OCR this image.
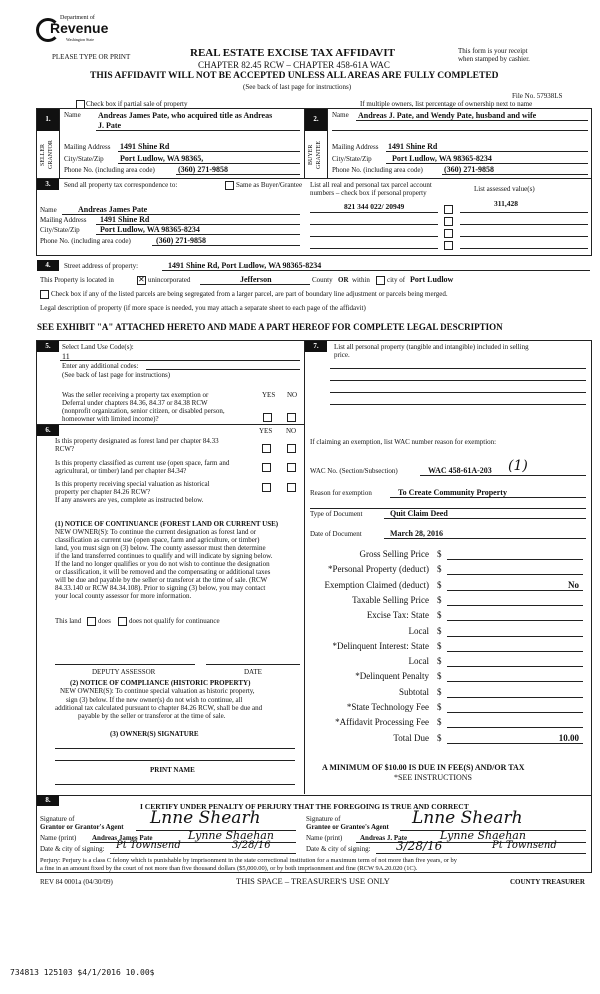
Department of
Revenue
Washington State
PLEASE TYPE OR PRINT	REAL ESTATE EXCISE TAX AFFIDAVIT
CHAPTER 82.45 RCW – CHAPTER 458-61A WAC
This form is your receipt
when stamped by cashier.
THIS AFFIDAVIT WILL NOT BE ACCEPTED UNLESS ALL AREAS ARE FULLY COMPLETED
(See back of last page for instructions)
File No. 57938LS
Check box if partial sale of property	If multiple owners, list percentage of ownership next to name
1.
SELLER GRANTOR
Name Andreas James Pate, who acquired title as Andreas
J. Pate
Mailing Address 1491 Shine Rd
City/State/Zip Port Ludlow, WA 98365,
Phone No. (including area code)	(360) 271-9858
2.
BUYER GRANTEE
Name Andreas J. Pate, and Wendy Pate, husband and wife
Mailing Address 1491 Shine Rd
City/State/Zip	Port Ludlow, WA 98365-8234
Phone No. (including area code)	(360) 271-9858
3.	Send all property tax correspondence to:	Same as Buyer/Grantee
Name	Andreas James Pate
Mailing Address 1491 Shine Rd
City/State/Zip	Port Ludlow, WA 98365-8234
Phone No. (including area code)	(360) 271-9858
List all real and personal tax parcel account
numbers – check box if personal property	List assessed value(s)
821 344 022/ 20949	311,428
4.	Street address of property:	1491 Shine Rd, Port Ludlow, WA 98365-8234
This Property is located in
✕	unincorporated	Jefferson	County OR within city of Port Ludlow
Check box if any of the listed parcels are being segregated from a larger parcel, are part of boundary line adjustment or parcels being merged.
Legal description of property (if more space is needed, you may attach a separate sheet to each page of the affidavit)
SEE EXHIBIT "A" ATTACHED HERETO AND MADE A PART HEREOF FOR COMPLETE LEGAL DESCRIPTION
5.	Select Land Use Code(s):
11
Enter any additional codes:
(See back of last page for instructions)
YES NO
Was the seller receiving a property tax exemption or
Deferral under chapters 84.36, 84.37 or 84.38 RCW
(nonprofit organization, senior citizen, or disabled person,
homeowner with limited income)?
6.	YES NO
Is this property designated as forest land per chapter 84.33
RCW?
Is this property classified as current use (open space, farm and
agricultural, or timber) land per chapter 84.34?
Is this property receiving special valuation as historical
property per chapter 84.26 RCW?
If any answers are yes, complete as instructed below.
(1) NOTICE OF CONTINUANCE (FOREST LAND OR CURRENT USE)
NEW OWNER(S): To continue the current designation as forest land or
classification as current use (open space, farm and agriculture, or timber)
land, you must sign on (3) below. The county assessor must then determine
if the land transferred continues to qualify and will indicate by signing below.
If the land no longer qualifies or you do not wish to continue the designation
or classification, it will be removed and the compensating or additional taxes
will be due and payable by the seller or transferor at the time of sale. (RCW
84.33.140 or RCW 84.34.108). Prior to signing (3) below, you may contact
your local county assessor for more information.
This land does	does not qualify for continuance
DEPUTY ASSESSOR	DATE
(2) NOTICE OF COMPLIANCE (HISTORIC PROPERTY)
NEW OWNER(S): To continue special valuation as historic property,
sign (3) below. If the new owner(s) do not wish to continue, all
additional tax calculated pursuant to chapter 84.26 RCW, shall be due and
payable by the seller or transferor at the time of sale.
(3) OWNER(S) SIGNATURE
PRINT NAME
7.	List all personal property (tangible and intangible) included in selling
price.
If claiming an exemption, list WAC number reason for exemption:
WAC No. (Section/Subsection)	WAC 458-61A-203 (1)
Reason for exemption	To Create Community Property
Type of Document	Quit Claim Deed
Date of Document	March 28, 2016
Gross Selling Price $
*Personal Property (deduct) $
Exemption Claimed (deduct) $	No
Taxable Selling Price $
Excise Tax: State $
Local $
*Delinquent Interest: State $
Local $
*Delinquent Penalty $
Subtotal $
*State Technology Fee $
*Affidavit Processing Fee $
Total Due $	10.00
A MINIMUM OF $10.00 IS DUE IN FEE(S) AND/OR TAX
*SEE INSTRUCTIONS
8.
I CERTIFY UNDER PENALTY OF PERJURY THAT THE FOREGOING IS TRUE AND CORRECT
Signature of
Grantor or Grantor's Agent Lnne Shearh
Name (print) Andreas James Pate	Lynne Shaehan
Date & city of signing: Pt Townsend	3/28/16
Signature of
Grantee or Grantee's Agent Lnne Shearh
Name (print)	Andreas J. Pate	Lynne Shaehan
Date & city of signing: 3/28/16	Pt Townsend
Perjury: Perjury is a class C felony which is punishable by imprisonment in the state correctional institution for a maximum term of not more than five years, or by
a fine in an amount fixed by the court of not more than five thousand dollars ($5,000.00), or by both imprisonment and fine (RCW 9A.20.020 (1C).
REV 84 0001a (04/30/09)	THIS SPACE – TREASURER'S USE ONLY	COUNTY TREASURER
734813 125103 $4/1/2016 10.00$
